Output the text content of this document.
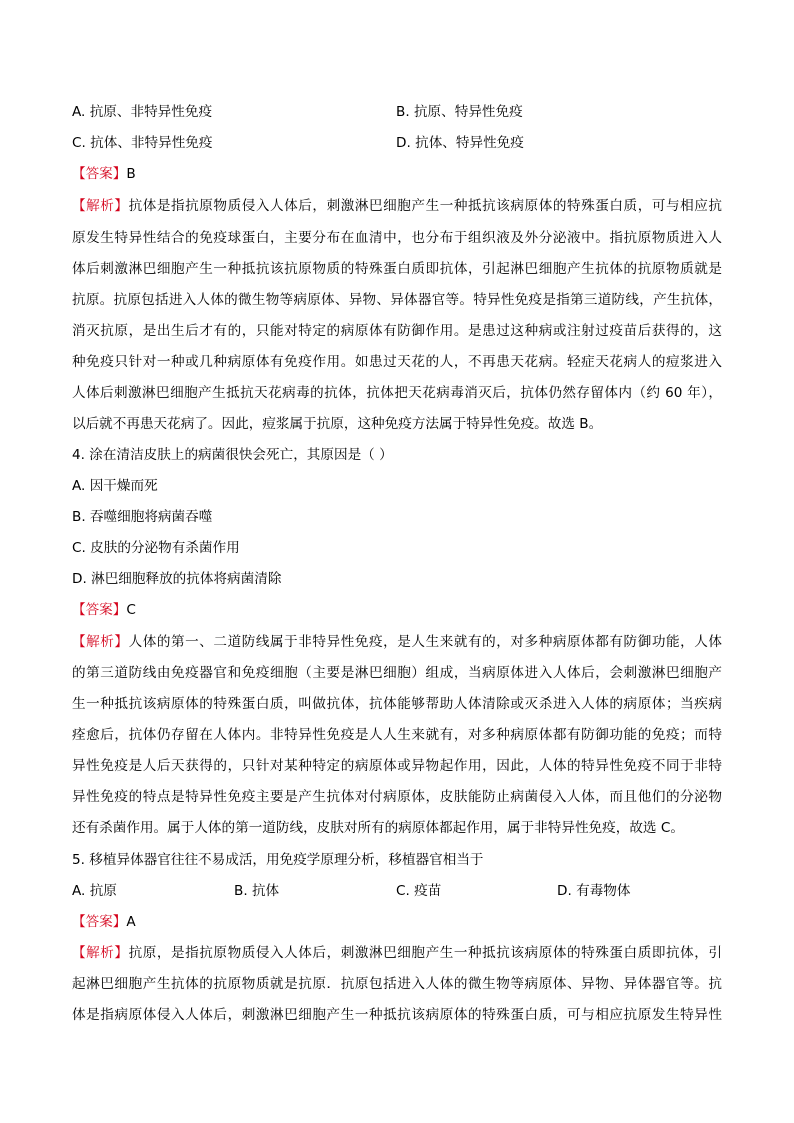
A. 抗原、非特异性免疫	B. 抗原、特异性免疫
C. 抗体、非特异性免疫	D. 抗体、特异性免疫
【答案】B
【解析】抗体是指抗原物质侵入人体后，刺激淋巴细胞产生一种抵抗该病原体的特殊蛋白质，可与相应抗
原发生特异性结合的免疫球蛋白，主要分布在血清中，也分布于组织液及外分泌液中。指抗原物质进入人
体后刺激淋巴细胞产生一种抵抗该抗原物质的特殊蛋白质即抗体，引起淋巴细胞产生抗体的抗原物质就是
抗原。抗原包括进入人体的微生物等病原体、异物、异体器官等。特异性免疫是指第三道防线，产生抗体，
消灭抗原，是出生后才有的，只能对特定的病原体有防御作用。是患过这种病或注射过疫苗后获得的，这
种免疫只针对一种或几种病原体有免疫作用。如患过天花的人，不再患天花病。轻症天花病人的痘浆进入
人体后刺激淋巴细胞产生抵抗天花病毒的抗体，抗体把天花病毒消灭后，抗体仍然存留体内（约 60 年），
以后就不再患天花病了。因此，痘浆属于抗原，这种免疫方法属于特异性免疫。故选 B。
4. 涂在清洁皮肤上的病菌很快会死亡，其原因是（ ）
A. 因干燥而死
B. 吞噬细胞将病菌吞噬
C. 皮肤的分泌物有杀菌作用
D. 淋巴细胞释放的抗体将病菌清除
【答案】C
【解析】人体的第一、二道防线属于非特异性免疫，是人生来就有的，对多种病原体都有防御功能，人体
的第三道防线由免疫器官和免疫细胞（主要是淋巴细胞）组成，当病原体进入人体后，会刺激淋巴细胞产
生一种抵抗该病原体的特殊蛋白质，叫做抗体，抗体能够帮助人体清除或灭杀进入人体的病原体；当疾病
痊愈后，抗体仍存留在人体内。非特异性免疫是人人生来就有，对多种病原体都有防御功能的免疫；而特
异性免疫是人后天获得的，只针对某种特定的病原体或异物起作用，因此，人体的特异性免疫不同于非特
异性免疫的特点是特异性免疫主要是产生抗体对付病原体，皮肤能防止病菌侵入人体，而且他们的分泌物
还有杀菌作用。属于人体的第一道防线，皮肤对所有的病原体都起作用，属于非特异性免疫，故选 C。
5. 移植异体器官往往不易成活，用免疫学原理分析，移植器官相当于
A. 抗原	B. 抗体	C. 疫苗	D. 有毒物体
【答案】A
【解析】抗原，是指抗原物质侵入人体后，刺激淋巴细胞产生一种抵抗该病原体的特殊蛋白质即抗体，引
起淋巴细胞产生抗体的抗原物质就是抗原．抗原包括进入人体的微生物等病原体、异物、异体器官等。抗
体是指病原体侵入人体后，刺激淋巴细胞产生一种抵抗该病原体的特殊蛋白质，可与相应抗原发生特异性
